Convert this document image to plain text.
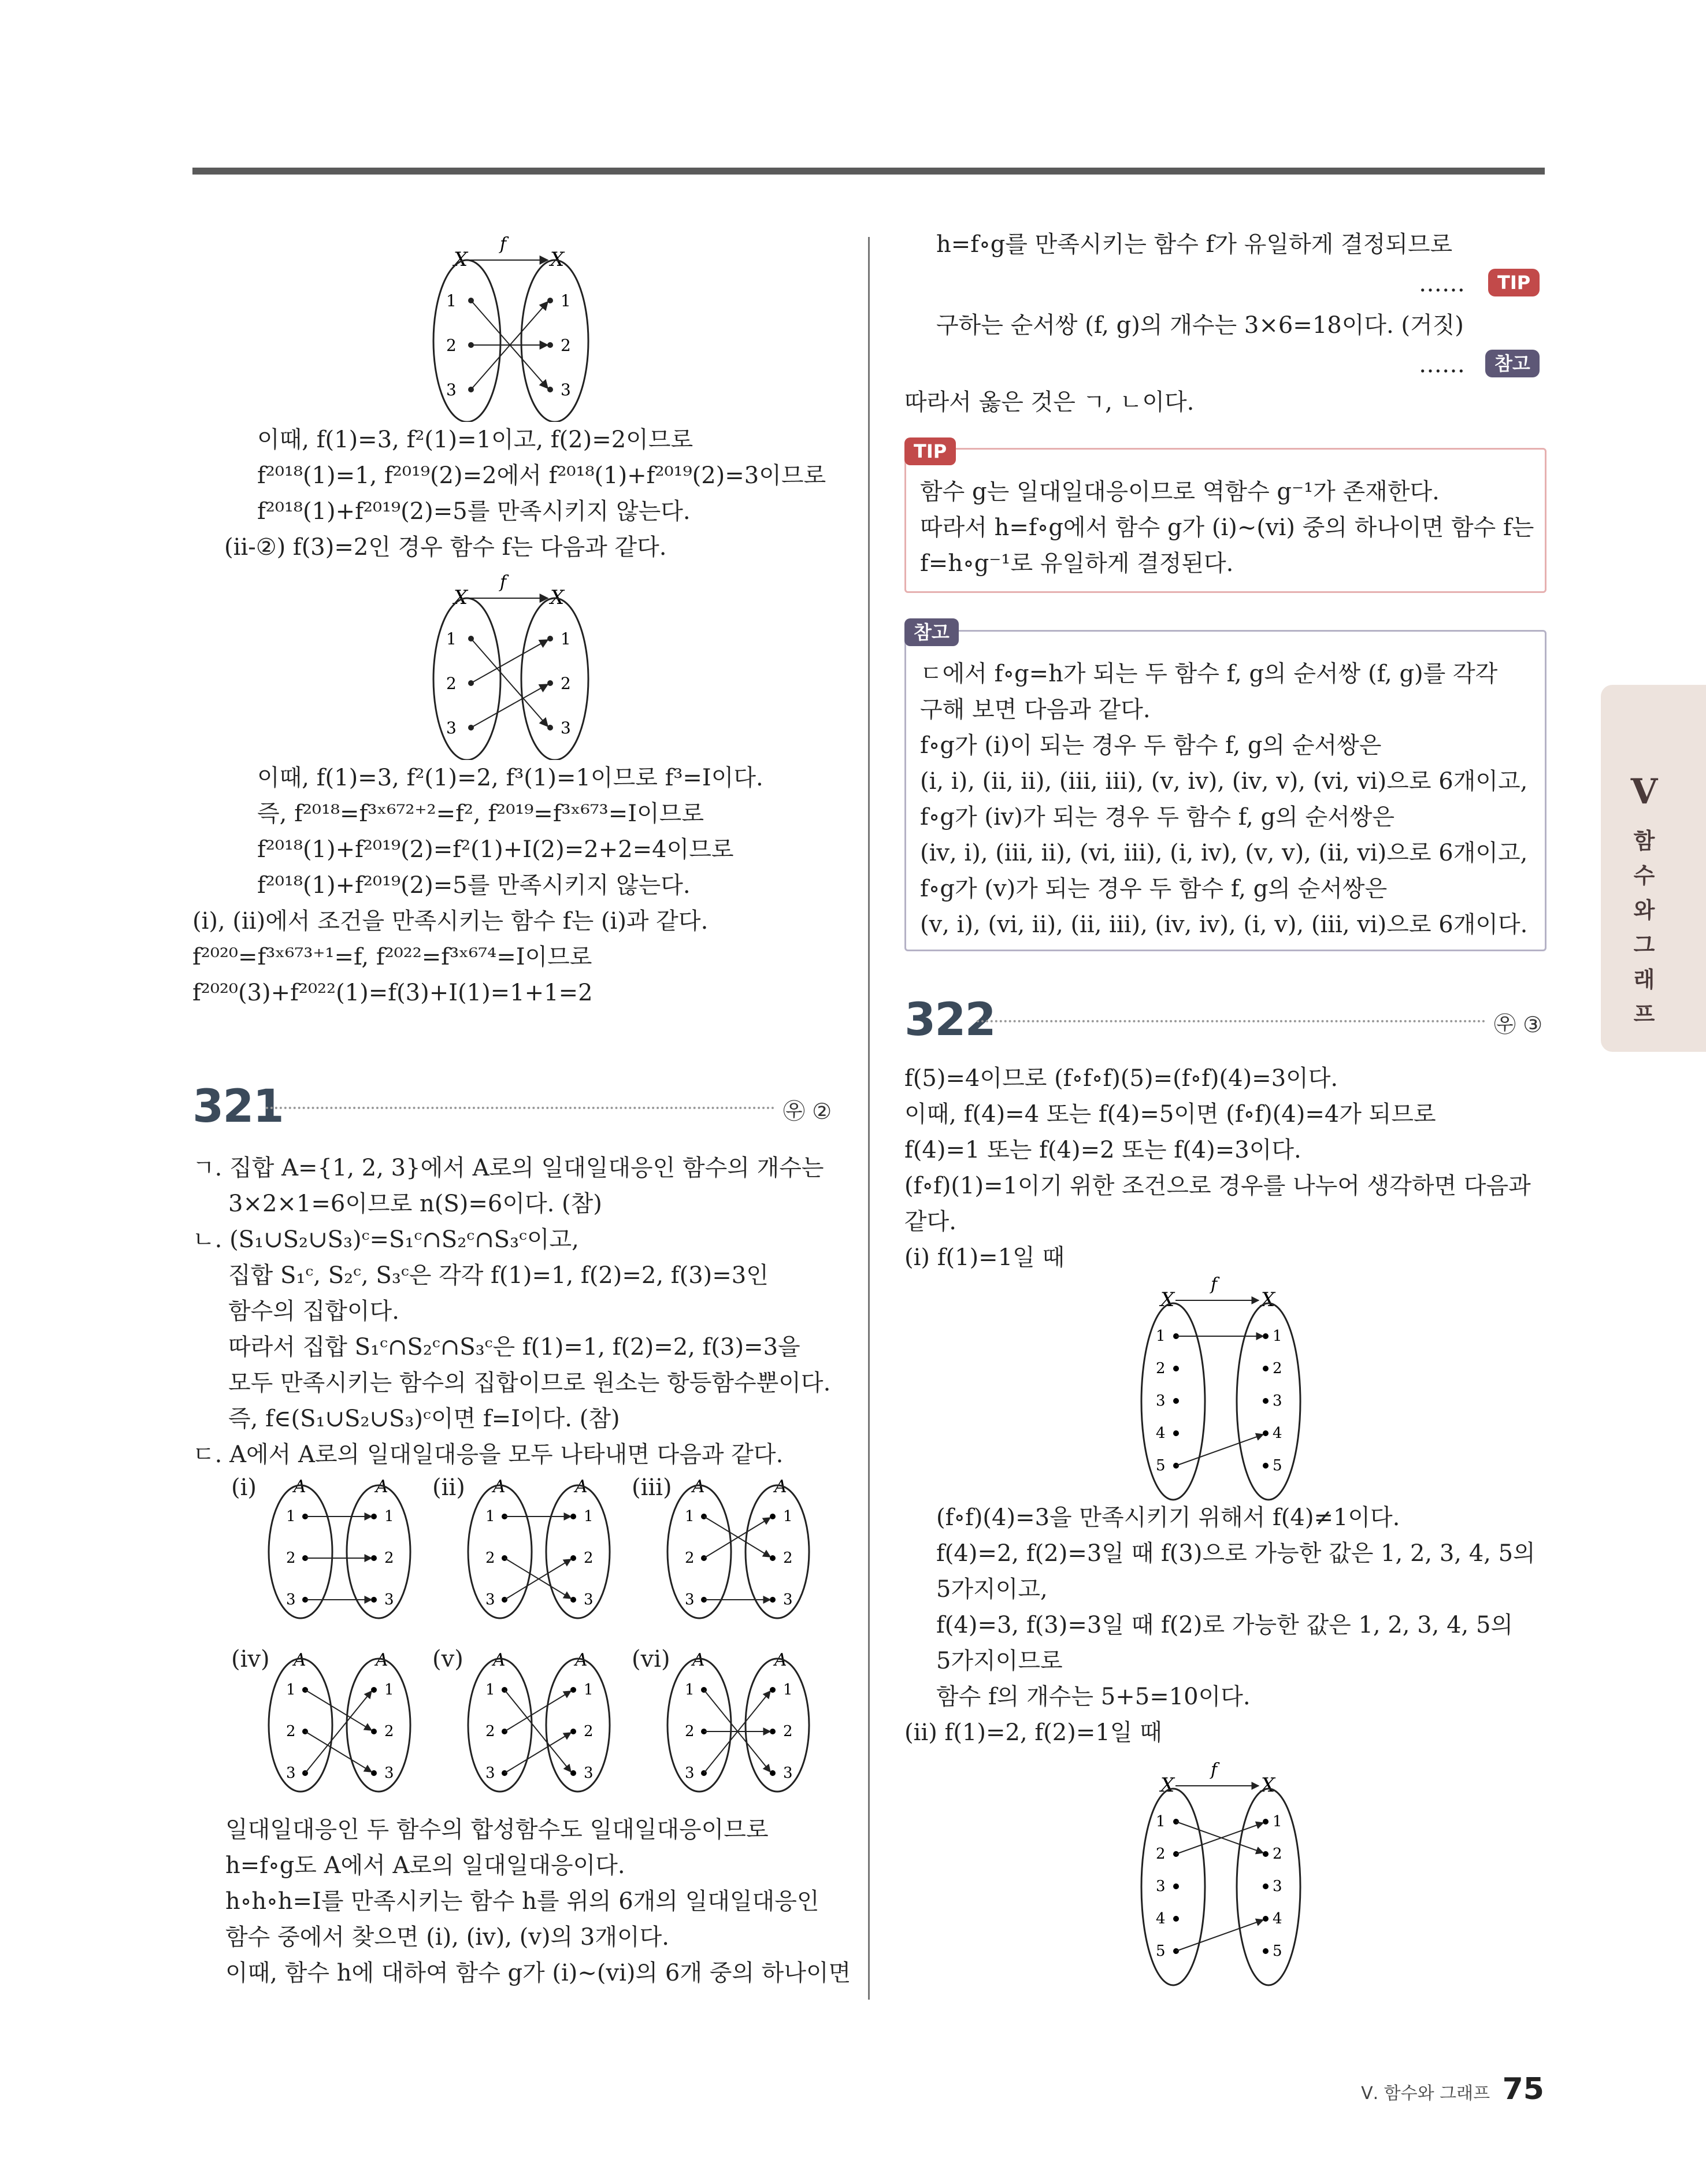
X	X
f
1
2
3
1
2
3
이때, f(1)=3, f²(1)=1이고, f(2)=2이므로
f²⁰¹⁸(1)=1, f²⁰¹⁹(2)=2에서 f²⁰¹⁸(1)+f²⁰¹⁹(2)=3이므로
f²⁰¹⁸(1)+f²⁰¹⁹(2)=5를 만족시키지 않는다.
(ⅱ-②) f(3)=2인 경우 함수 f는 다음과 같다.
X	X
f
1
2
3
1
2
3
이때, f(1)=3, f²(1)=2, f³(1)=1이므로 f³=I이다.
즉, f²⁰¹⁸=f³ˣ⁶⁷²⁺²=f², f²⁰¹⁹=f³ˣ⁶⁷³=I이므로
f²⁰¹⁸(1)+f²⁰¹⁹(2)=f²(1)+I(2)=2+2=4이므로
f²⁰¹⁸(1)+f²⁰¹⁹(2)=5를 만족시키지 않는다.
(ⅰ), (ⅱ)에서 조건을 만족시키는 함수 f는 (ⅰ)과 같다.
f²⁰²⁰=f³ˣ⁶⁷³⁺¹=f, f²⁰²²=f³ˣ⁶⁷⁴=I이므로
f²⁰²⁰(3)+f²⁰²²(1)=f(3)+I(1)=1+1=2
321	㉾ ②
ㄱ. 집합 A={1, 2, 3}에서 A로의 일대일대응인 함수의 개수는
3×2×1=6이므로 n(S)=6이다. (참)
ㄴ. (S₁∪S₂∪S₃)ᶜ=S₁ᶜ∩S₂ᶜ∩S₃ᶜ이고,
집합 S₁ᶜ, S₂ᶜ, S₃ᶜ은 각각 f(1)=1, f(2)=2, f(3)=3인
함수의 집합이다.
따라서 집합 S₁ᶜ∩S₂ᶜ∩S₃ᶜ은 f(1)=1, f(2)=2, f(3)=3을
모두 만족시키는 함수의 집합이므로 원소는 항등함수뿐이다.
즉, f∈(S₁∪S₂∪S₃)ᶜ이면 f=I이다. (참)
ㄷ. A에서 A로의 일대일대응을 모두 나타내면 다음과 같다.
(ⅰ)	(ⅱ)	(ⅲ)
(ⅳ)	(ⅴ)	(ⅵ)
A	A
1
2
3
1
2
3
A	A
1
2
3
1
2
3
A	A
1
2
3
1
2
3
A	A
1
2
3
1
2
3
A	A
1
2
3
1
2
3
A	A
1
2
3
1
2
3
일대일대응인 두 함수의 합성함수도 일대일대응이므로
h=f∘g도 A에서 A로의 일대일대응이다.
h∘h∘h=I를 만족시키는 함수 h를 위의 6개의 일대일대응인
함수 중에서 찾으면 (ⅰ), (ⅳ), (ⅴ)의 3개이다.
이때, 함수 h에 대하여 함수 g가 (ⅰ)~(ⅵ)의 6개 중의 하나이면
h=f∘g를 만족시키는 함수 f가 유일하게 결정되므로
……	TIP
구하는 순서쌍 (f, g)의 개수는 3×6=18이다. (거짓)
……	참고
따라서 옳은 것은 ㄱ, ㄴ이다.
TIP
함수 g는 일대일대응이므로 역함수 g⁻¹가 존재한다.
따라서 h=f∘g에서 함수 g가 (ⅰ)~(ⅵ) 중의 하나이면 함수 f는
f=h∘g⁻¹로 유일하게 결정된다.
참고
ㄷ에서 f∘g=h가 되는 두 함수 f, g의 순서쌍 (f, g)를 각각
구해 보면 다음과 같다.
f∘g가 (ⅰ)이 되는 경우 두 함수 f, g의 순서쌍은
(ⅰ, ⅰ), (ⅱ, ⅱ), (ⅲ, ⅲ), (ⅴ, ⅳ), (ⅳ, ⅴ), (ⅵ, ⅵ)으로 6개이고,
f∘g가 (ⅳ)가 되는 경우 두 함수 f, g의 순서쌍은
(ⅳ, ⅰ), (ⅲ, ⅱ), (ⅵ, ⅲ), (ⅰ, ⅳ), (ⅴ, ⅴ), (ⅱ, ⅵ)으로 6개이고,
f∘g가 (ⅴ)가 되는 경우 두 함수 f, g의 순서쌍은
(ⅴ, ⅰ), (ⅵ, ⅱ), (ⅱ, ⅲ), (ⅳ, ⅳ), (ⅰ, ⅴ), (ⅲ, ⅵ)으로 6개이다.
322	㉾ ③
f(5)=4이므로 (f∘f∘f)(5)=(f∘f)(4)=3이다.
이때, f(4)=4 또는 f(4)=5이면 (f∘f)(4)=4가 되므로
f(4)=1 또는 f(4)=2 또는 f(4)=3이다.
(f∘f)(1)=1이기 위한 조건으로 경우를 나누어 생각하면 다음과
같다.
(ⅰ) f(1)=1일 때
X	X
f
1
2
3
4
5
1
2
3
4
5
(f∘f)(4)=3을 만족시키기 위해서 f(4)≠1이다.
f(4)=2, f(2)=3일 때 f(3)으로 가능한 값은 1, 2, 3, 4, 5의
5가지이고,
f(4)=3, f(3)=3일 때 f(2)로 가능한 값은 1, 2, 3, 4, 5의
5가지이므로
함수 f의 개수는 5+5=10이다.
(ⅱ) f(1)=2, f(2)=1일 때
X	X
f
1
2
3
4
5
1
2
3
4
5
V
함
수
와
그
래
프
Ⅴ. 함수와 그래프 75
